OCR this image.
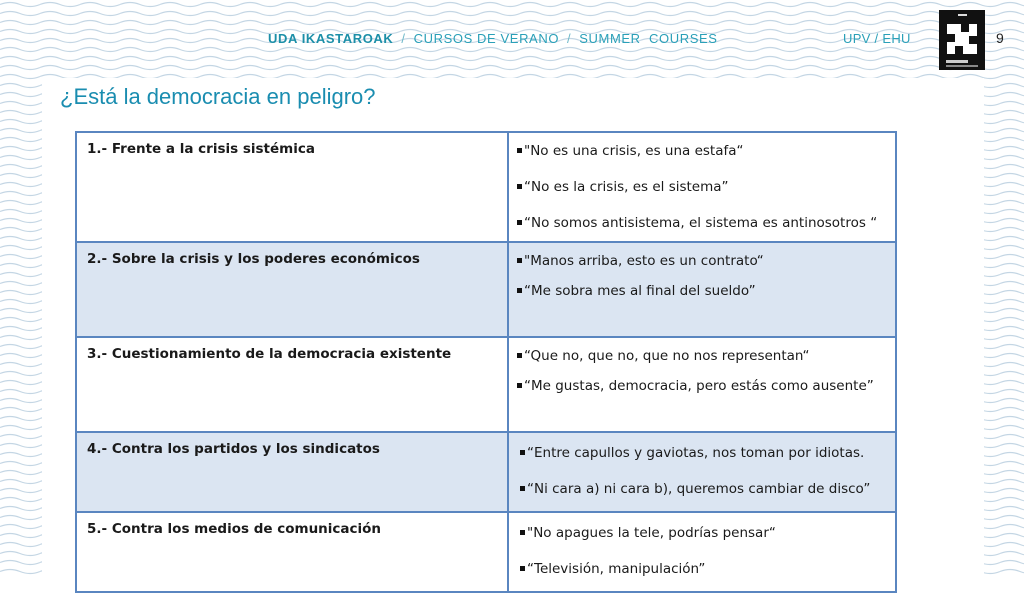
UDA IKASTAROAK / CURSOS DE VERANO / SUMMER  COURSES	UPV / EHU	9
¿Está la democracia en peligro?
1.- Frente a la crisis sistémica	"No es una crisis, es una estafa“
“No es la crisis, es el sistema”
“No somos antisistema, el sistema es antinosotros “

2.- Sobre la crisis y los poderes económicos	"Manos arriba, esto es un contrato“
“Me sobra mes al final del sueldo”

3.- Cuestionamiento de la democracia existente	“Que no, que no, que no nos representan“
“Me gustas, democracia, pero estás como ausente”

4.- Contra los partidos y los sindicatos	“Entre capullos y gaviotas, nos toman por idiotas.
“Ni cara a) ni cara b), queremos cambiar de disco”

5.- Contra los medios de comunicación	"No apagues la tele, podrías pensar“
“Televisión, manipulación”
